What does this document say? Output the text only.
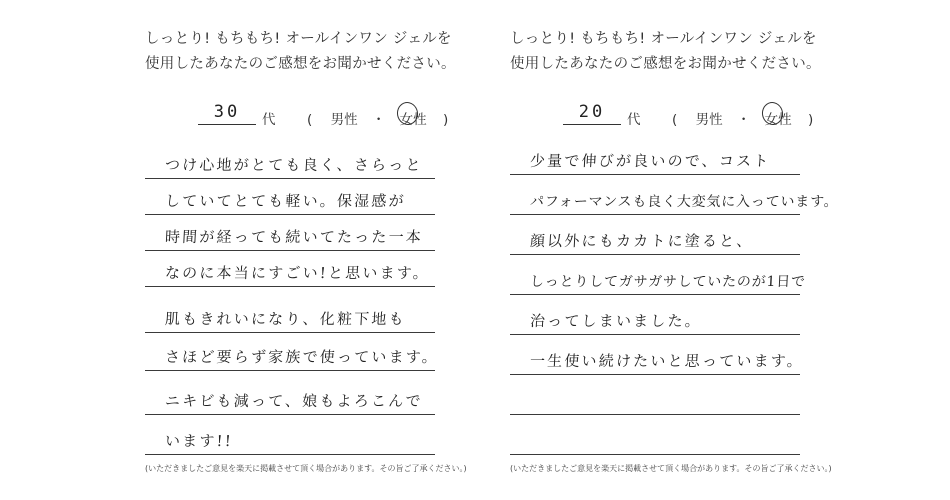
しっとり! もちもち! オールインワン ジェルを
使用したあなたのご感想をお聞かせください。
30	代 ( 男性 ・ 女性 )
つけ心地がとても良く、さらっと
していてとても軽い。保湿感が
時間が経っても続いてたった一本
なのに本当にすごい!と思います。
肌もきれいになり、化粧下地も
さほど要らず家族で使っています。
ニキビも減って、娘もよろこんで
います!!
(いただきましたご意見を楽天に掲載させて頂く場合があります。その旨ご了承ください。)
しっとり! もちもち! オールインワン ジェルを
使用したあなたのご感想をお聞かせください。
20	代 ( 男性 ・ 女性 )
少量で伸びが良いので、コスト
パフォーマンスも良く大変気に入っています。
顔以外にもカカトに塗ると、
しっとりしてガサガサしていたのが1日で
治ってしまいました。
一生使い続けたいと思っています。
(いただきましたご意見を楽天に掲載させて頂く場合があります。その旨ご了承ください。)
